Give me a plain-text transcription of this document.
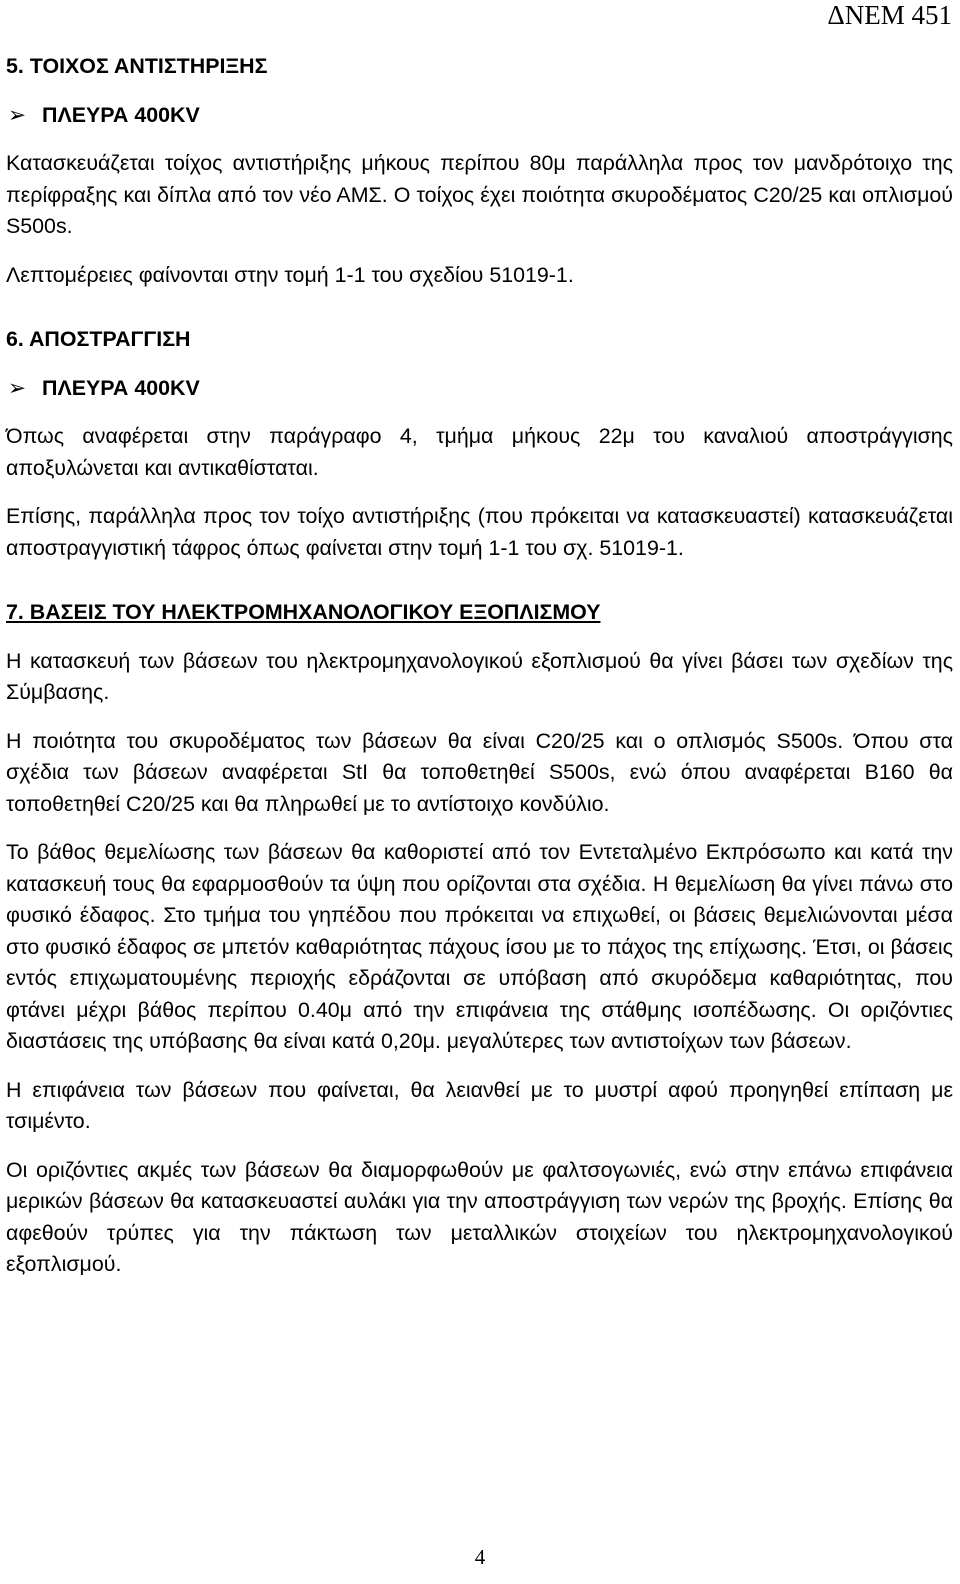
ΔΝΕΜ 451
5. ΤΟΙΧΟΣ ΑΝΤΙΣΤΗΡΙΞΗΣ
➢ ΠΛΕΥΡΑ 400KV

Κατασκευάζεται τοίχος αντιστήριξης μήκους περίπου 80μ παράλληλα προς τον μανδρότοιχο της περίφραξης και δίπλα από τον νέο ΑΜΣ. Ο τοίχος έχει ποιότητα σκυροδέματος C20/25 και οπλισμού S500s.

Λεπτομέρειες φαίνονται στην τομή 1-1 του σχεδίου 51019-1.

6. ΑΠΟΣΤΡΑΓΓΙΣΗ
➢ ΠΛΕΥΡΑ 400KV

Όπως αναφέρεται στην παράγραφο 4, τμήμα μήκους 22μ του καναλιού αποστράγγισης αποξυλώνεται και αντικαθίσταται.

Επίσης, παράλληλα προς τον τοίχο αντιστήριξης (που πρόκειται να κατασκευαστεί) κατασκευάζεται αποστραγγιστική τάφρος όπως φαίνεται στην τομή 1-1 του σχ. 51019-1.

7. ΒΑΣΕΙΣ ΤΟΥ ΗΛΕΚΤΡΟΜΗΧΑΝΟΛΟΓΙΚΟΥ ΕΞΟΠΛΙΣΜΟΥ

Η κατασκευή των βάσεων του ηλεκτρομηχανολογικού εξοπλισμού θα γίνει βάσει των σχεδίων της Σύμβασης.

Η ποιότητα του σκυροδέματος των βάσεων θα είναι C20/25 και ο οπλισμός S500s. Όπου στα σχέδια των βάσεων αναφέρεται StI θα τοποθετηθεί S500s, ενώ όπου αναφέρεται B160 θα τοποθετηθεί C20/25 και θα πληρωθεί με το αντίστοιχο κονδύλιο.

Το βάθος θεμελίωσης των βάσεων θα καθοριστεί από τον Εντεταλμένο Εκπρόσωπο και κατά την κατασκευή τους θα εφαρμοσθούν τα ύψη που ορίζονται στα σχέδια. Η θεμελίωση θα γίνει πάνω στο φυσικό έδαφος. Στο τμήμα του γηπέδου που πρόκειται να επιχωθεί, οι βάσεις θεμελιώνονται μέσα στο φυσικό έδαφος σε μπετόν καθαριότητας πάχους ίσου με το πάχος της επίχωσης. Έτσι, οι βάσεις εντός επιχωματουμένης περιοχής εδράζονται σε υπόβαση από σκυρόδεμα καθαριότητας, που φτάνει μέχρι βάθος περίπου 0.40μ από την επιφάνεια της στάθμης ισοπέδωσης. Οι οριζόντιες διαστάσεις της υπόβασης θα είναι κατά 0,20μ. μεγαλύτερες των αντιστοίχων των βάσεων.

Η επιφάνεια των βάσεων που φαίνεται, θα λειανθεί με το μυστρί αφού προηγηθεί επίπαση με τσιμέντο.

Οι οριζόντιες ακμές των βάσεων θα διαμορφωθούν με φαλτσογωνιές, ενώ στην επάνω επιφάνεια μερικών βάσεων θα κατασκευαστεί αυλάκι για την αποστράγγιση των νερών της βροχής. Επίσης θα αφεθούν τρύπες για την πάκτωση των μεταλλικών στοιχείων του ηλεκτρομηχανολογικού εξοπλισμού.

4
